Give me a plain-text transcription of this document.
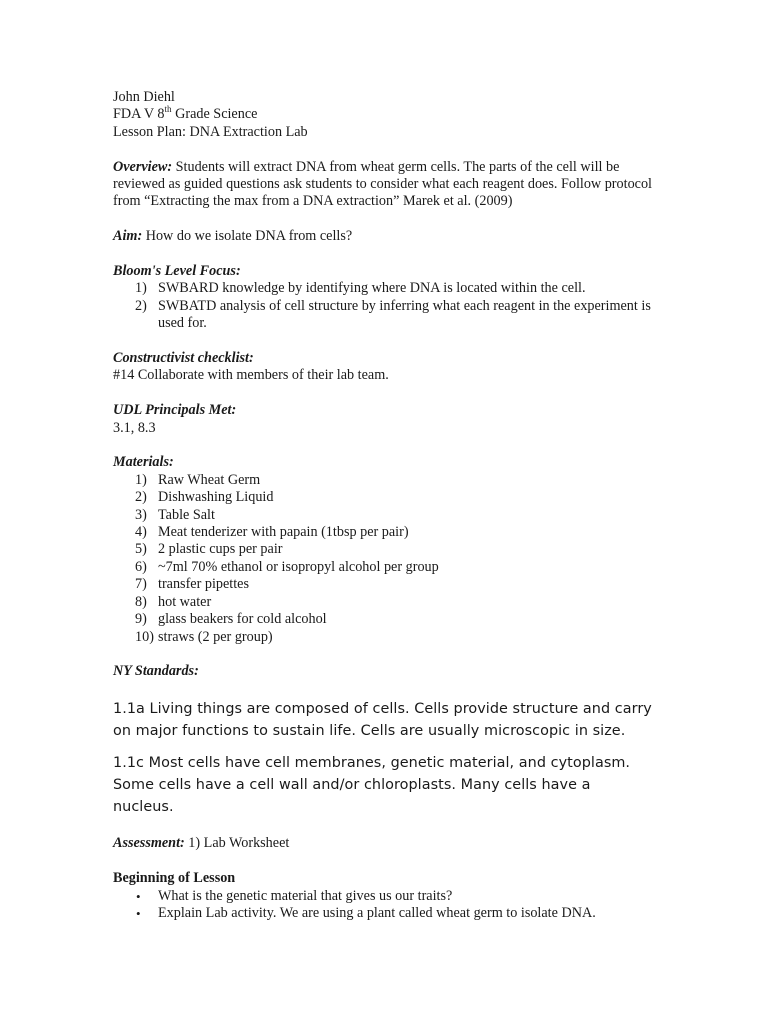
John Diehl

FDA V 8th Grade Science

Lesson Plan: DNA Extraction Lab

Overview: Students will extract DNA from wheat germ cells. The parts of the cell will be reviewed as guided questions ask students to consider what each reagent does. Follow protocol from “Extracting the max from a DNA extraction” Marek et al. (2009)

Aim: How do we isolate DNA from cells?

Bloom's Level Focus:

1) SWBARD knowledge by identifying where DNA is located within the cell.
2) SWBATD analysis of cell structure by inferring what each reagent in the experiment is used for.

Constructivist checklist:

#14 Collaborate with members of their lab team.

UDL Principals Met:

3.1, 8.3

Materials:

1) Raw Wheat Germ
2) Dishwashing Liquid
3) Table Salt
4) Meat tenderizer with papain (1tbsp per pair)
5) 2 plastic cups per pair
6) ~7ml 70% ethanol or isopropyl alcohol per group
7) transfer pipettes
8) hot water
9) glass beakers for cold alcohol
10) straws (2 per group)

NY Standards:

1.1a Living things are composed of cells. Cells provide structure and carry on major functions to sustain life. Cells are usually microscopic in size.

1.1c Most cells have cell membranes, genetic material, and cytoplasm. Some cells have a cell wall and/or chloroplasts. Many cells have a nucleus.

Assessment: 1) Lab Worksheet

Beginning of Lesson

• What is the genetic material that gives us our traits?
• Explain Lab activity. We are using a plant called wheat germ to isolate DNA.
